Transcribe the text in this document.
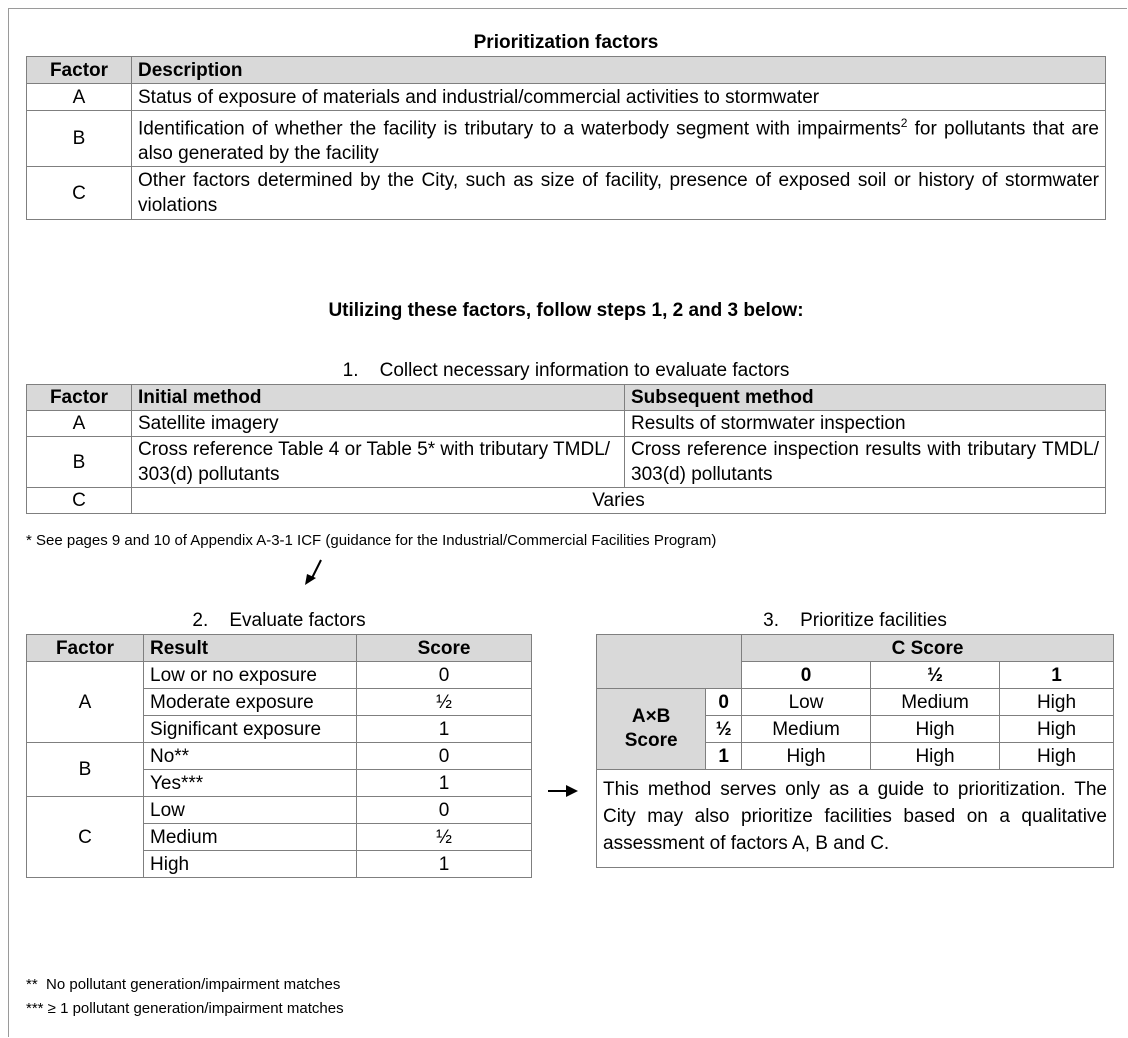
Prioritization factors
Factor	Description
A	Status of exposure of materials and industrial/commercial activities to stormwater
B	Identification of whether the facility is tributary to a waterbody segment with impairments$^2$ for pollutants that are also generated by the facility
C	Other factors determined by the City, such as size of facility, presence of exposed soil or history of stormwater violations
Utilizing these factors, follow steps 1, 2 and 3 below:
1. Collect necessary information to evaluate factors
Factor	Initial method	Subsequent method
A	Satellite imagery	Results of stormwater inspection
B	Cross reference Table 4 or Table 5* with tributary TMDL/ 303(d) pollutants	Cross reference inspection results with tributary TMDL/ 303(d) pollutants
C	Varies	
* See pages 9 and 10 of Appendix A-3-1 ICF (guidance for the Industrial/Commercial Facilities Program)
2. Evaluate factors
Factor	Result	Score
A	Low or no exposure	0
	Moderate exposure	½
	Significant exposure	1
B	No**	0
	Yes***	1
C	Low	0
	Medium	½
	High	1
**  No pollutant generation/impairment matches
*** ≥ 1 pollutant generation/impairment matches
3. Prioritize facilities
		C Score		
		0	½	1

A×B
Score	0	Low	Medium	High
	½	Medium	High	High
	1	High	High	High
This method serves only as a guide to prioritization. The City may also prioritize facilities based on a qualitative assessment of factors A, B and C.				
